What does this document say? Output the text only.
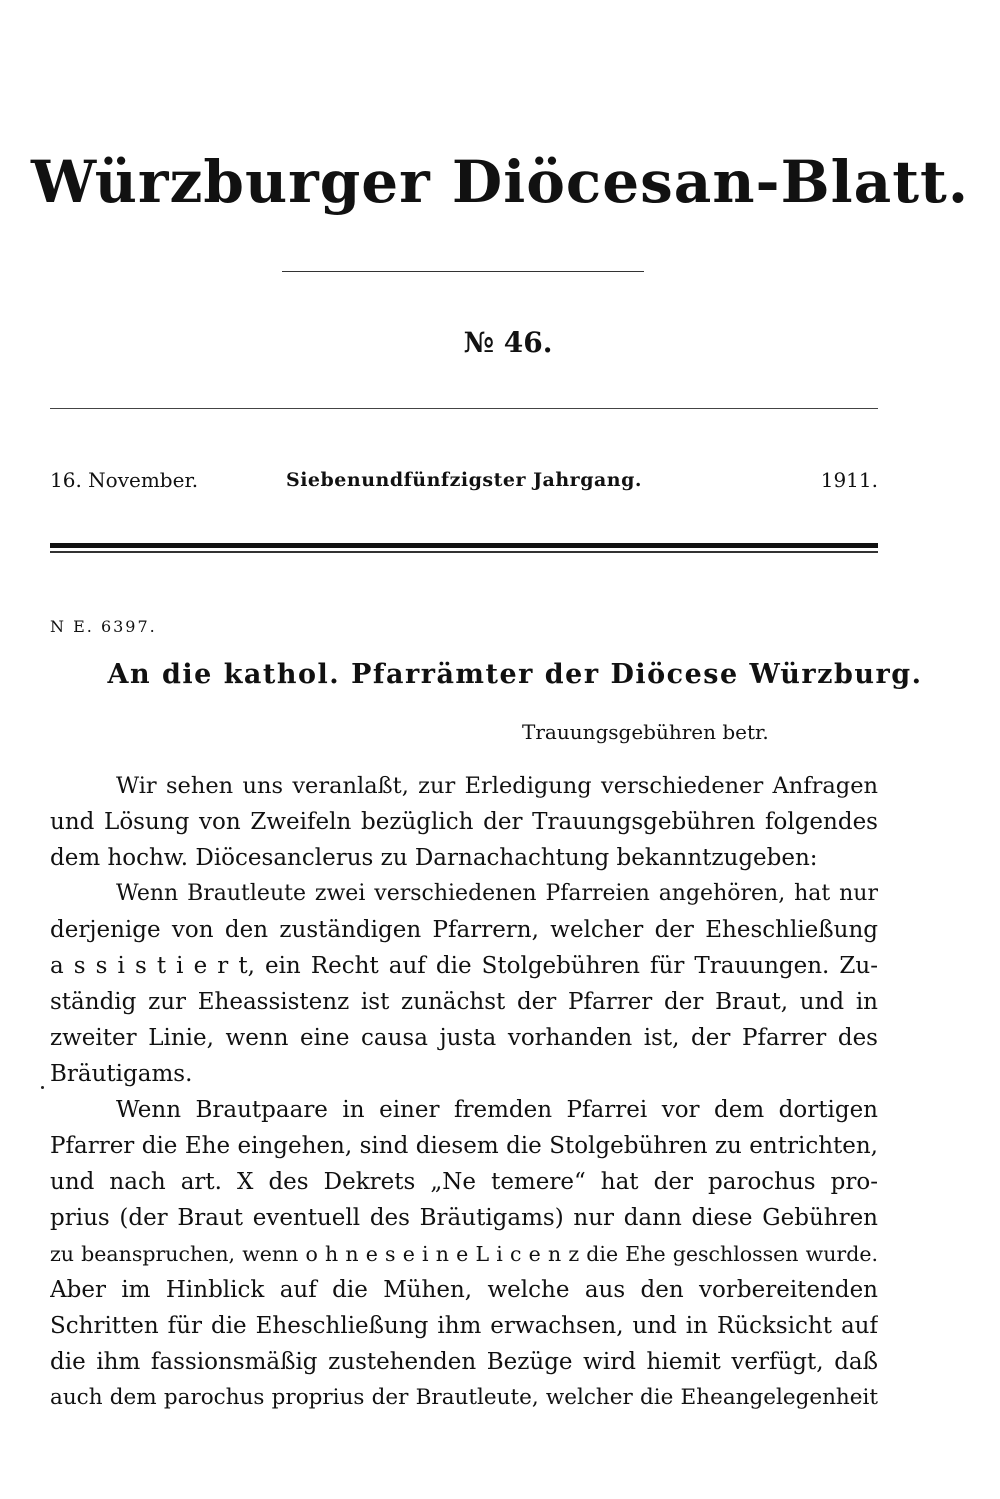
Würzburger Diöcesan-Blatt.
№ 46.
Siebenundfünfzigster Jahrgang.
16. November.	1911.
N E. 6397.
An die kathol. Pfarrämter der Diöcese Würzburg.
Trauungsgebühren betr.
Wir sehen uns veranlaßt, zur Erledigung verschiedener Anfragen
und Lösung von Zweifeln bezüglich der Trauungsgebühren folgendes
dem hochw. Diöcesanclerus zu Darnachachtung bekanntzugeben:
Wenn Brautleute zwei verschiedenen Pfarreien angehören, hat nur
derjenige von den zuständigen Pfarrern, welcher der Eheschließung
a s s i s t i e r t, ein Recht auf die Stolgebühren für Trauungen. Zu-
ständig zur Eheassistenz ist zunächst der Pfarrer der Braut, und in
zweiter Linie, wenn eine causa justa vorhanden ist, der Pfarrer des
Bräutigams.
Wenn Brautpaare in einer fremden Pfarrei vor dem dortigen
Pfarrer die Ehe eingehen, sind diesem die Stolgebühren zu entrichten,
und nach art. X des Dekrets „Ne temere“ hat der parochus pro-
prius (der Braut eventuell des Bräutigams) nur dann diese Gebühren
zu beanspruchen, wenn o h n e s e i n e L i c e n z die Ehe geschlossen wurde.
Aber im Hinblick auf die Mühen, welche aus den vorbereitenden
Schritten für die Eheschließung ihm erwachsen, und in Rücksicht auf
die ihm fassionsmäßig zustehenden Bezüge wird hiemit verfügt, daß
auch dem parochus proprius der Brautleute, welcher die Eheangelegenheit
